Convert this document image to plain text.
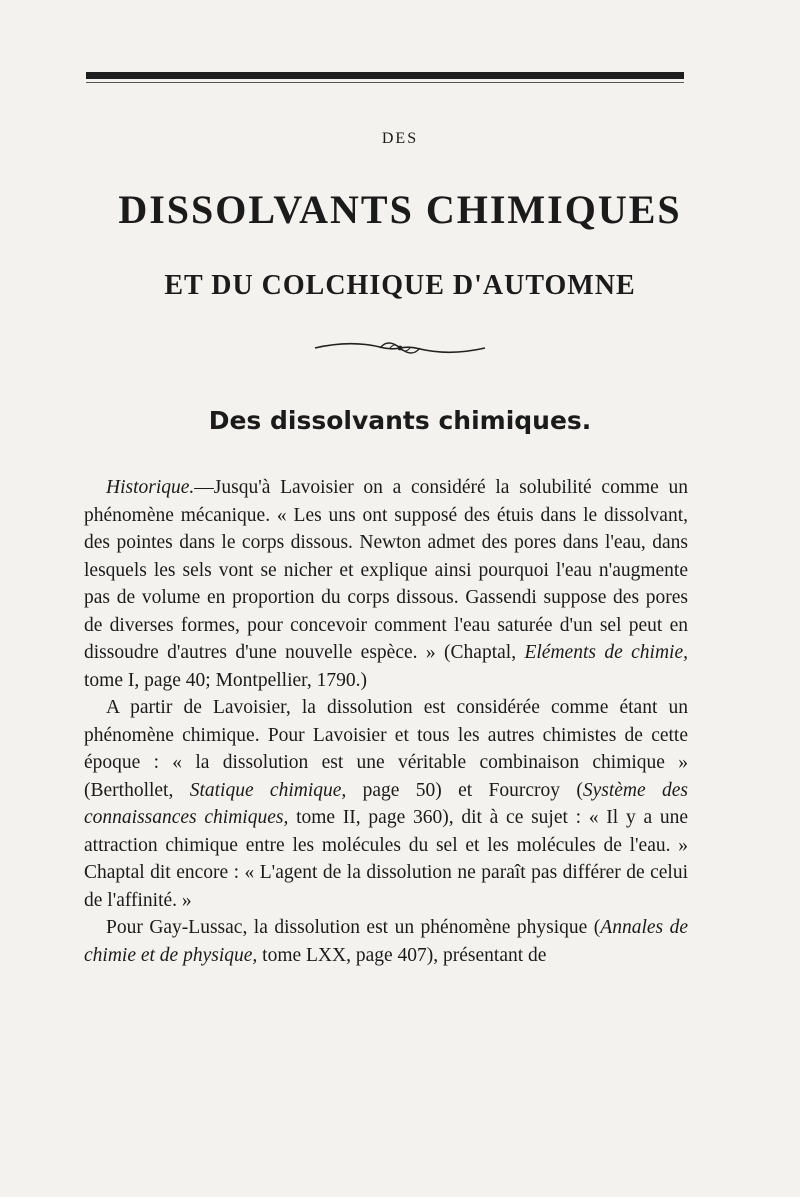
DES
DISSOLVANTS CHIMIQUES
ET DU COLCHIQUE D'AUTOMNE
Des dissolvants chimiques.

Historique.—Jusqu'à Lavoisier on a considéré la solubilité comme un phénomène mécanique. « Les uns ont supposé des étuis dans le dissolvant, des pointes dans le corps dissous. Newton admet des pores dans l'eau, dans lesquels les sels vont se nicher et explique ainsi pourquoi l'eau n'augmente pas de volume en proportion du corps dissous. Gassendi suppose des pores de diverses formes, pour concevoir comment l'eau saturée d'un sel peut en dissoudre d'autres d'une nouvelle espèce. » (Chaptal, Eléments de chimie, tome I, page 40; Montpellier, 1790.)

A partir de Lavoisier, la dissolution est considérée comme étant un phénomène chimique. Pour Lavoisier et tous les autres chimistes de cette époque : « la dissolution est une véritable combinaison chimique » (Berthollet, Statique chimique, page 50) et Fourcroy (Système des connaissances chimiques, tome II, page 360), dit à ce sujet : « Il y a une attraction chimique entre les molécules du sel et les molécules de l'eau. » Chaptal dit encore : « L'agent de la dissolution ne paraît pas différer de celui de l'affinité. »

Pour Gay-Lussac, la dissolution est un phénomène physique (Annales de chimie et de physique, tome LXX, page 407), présentant de
